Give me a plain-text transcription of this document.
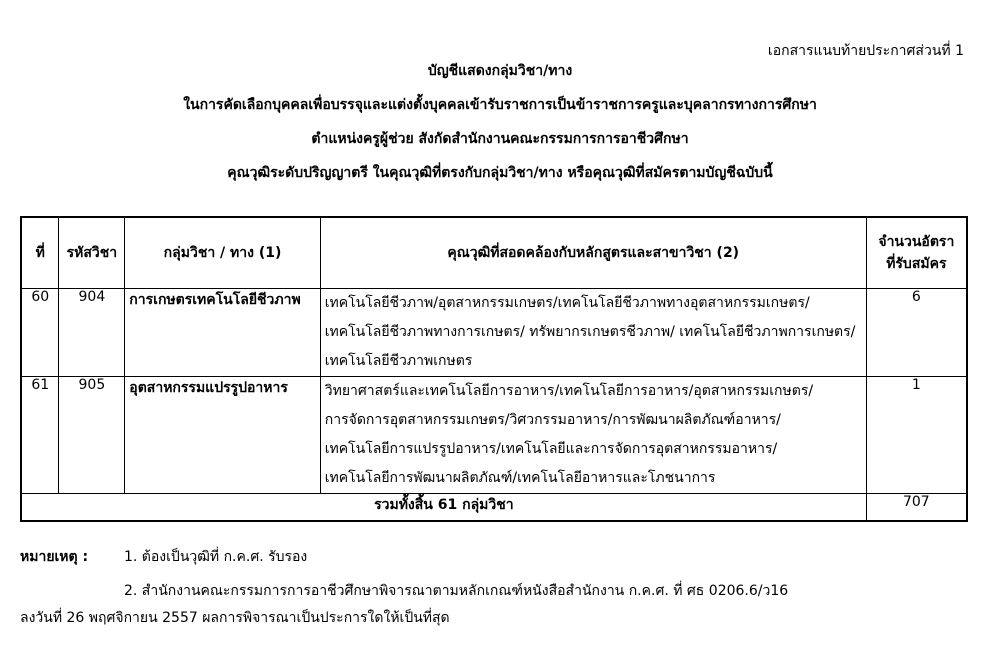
เอกสารแนบท้ายประกาศส่วนที่ 1
บัญชีแสดงกลุ่มวิชา/ทาง
ในการคัดเลือกบุคคลเพื่อบรรจุและแต่งตั้งบุคคลเข้ารับราชการเป็นข้าราชการครูและบุคลากรทางการศึกษา
ตำแหน่งครูผู้ช่วย สังกัดสำนักงานคณะกรรมการการอาชีวศึกษา
คุณวุฒิระดับปริญญาตรี ในคุณวุฒิที่ตรงกับกลุ่มวิชา/ทาง หรือคุณวุฒิที่สมัครตามบัญชีฉบับนี้
ที่	รหัสวิชา	กลุ่มวิชา / ทาง (1)	คุณวุฒิที่สอดคล้องกับหลักสูตรและสาขาวิชา (2)	จำนวนอัตรา
ที่รับสมัคร

60	904	การเกษตรเทคโนโลยีชีวภาพ	เทคโนโลยีชีวภาพ/อุตสาหกรรมเกษตร/เทคโนโลยีชีวภาพทางอุตสาหกรรมเกษตร/
เทคโนโลยีชีวภาพทางการเกษตร/ ทรัพยากรเกษตรชีวภาพ/ เทคโนโลยีชีวภาพการเกษตร/
เทคโนโลยีชีวภาพเกษตร	6
61	905	อุตสาหกรรมแปรรูปอาหาร	วิทยาศาสตร์และเทคโนโลยีการอาหาร/เทคโนโลยีการอาหาร/อุตสาหกรรมเกษตร/
การจัดการอุตสาหกรรมเกษตร/วิศวกรรมอาหาร/การพัฒนาผลิตภัณฑ์อาหาร/
เทคโนโลยีการแปรรูปอาหาร/เทคโนโลยีและการจัดการอุตสาหกรรมอาหาร/
เทคโนโลยีการพัฒนาผลิตภัณฑ์/เทคโนโลยีอาหารและโภชนาการ	1
รวมทั้งสิ้น 61 กลุ่มวิชา				707
หมายเหตุ :	1. ต้องเป็นวุฒิที่ ก.ค.ศ. รับรอง
2. สำนักงานคณะกรรมการการอาชีวศึกษาพิจารณาตามหลักเกณฑ์หนังสือสำนักงาน ก.ค.ศ. ที่ ศธ 0206.6/ว16
ลงวันที่ 26 พฤศจิกายน 2557 ผลการพิจารณาเป็นประการใดให้เป็นที่สุด
